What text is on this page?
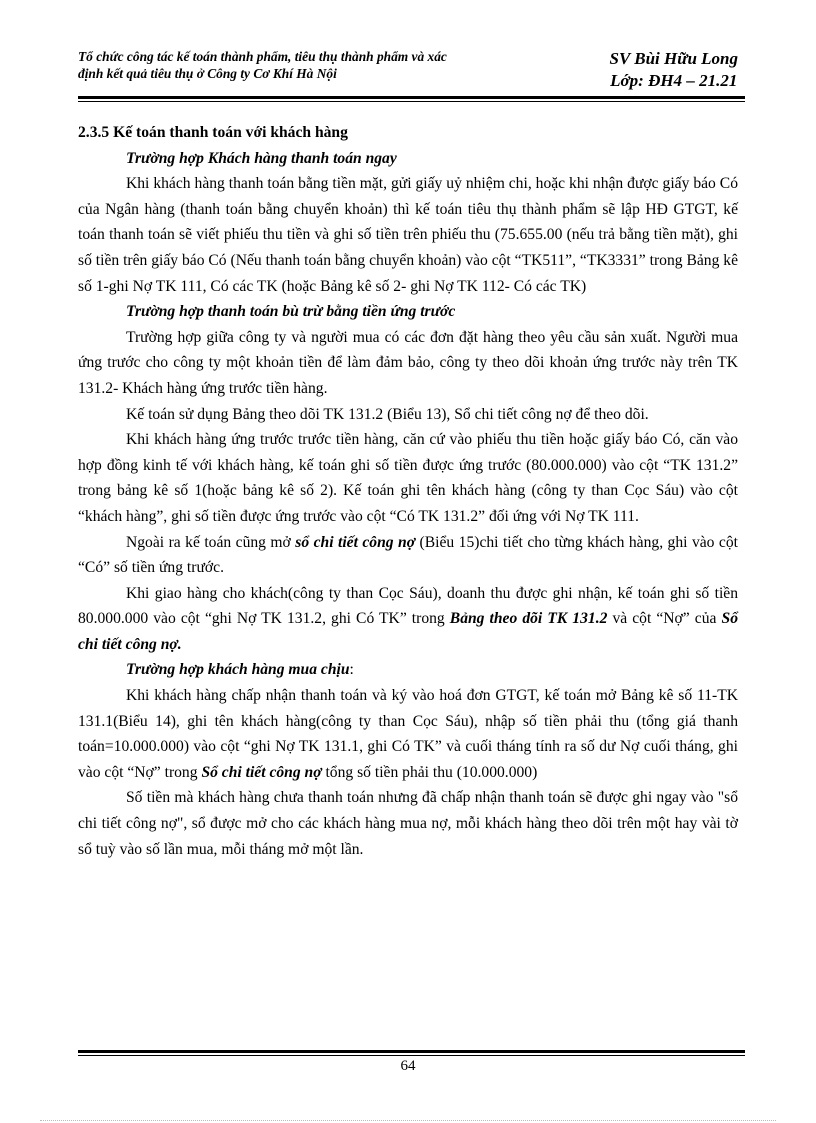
Tổ chức công tác kế toán thành phẩm, tiêu thụ thành phẩm và xác
định kết quả tiêu thụ ở Công ty Cơ Khí Hà Nội
SV Bùi Hữu Long
Lớp: ĐH4 – 21.21

2.3.5 Kế toán thanh toán với khách hàng

Trường hợp Khách hàng thanh toán ngay

Khi khách hàng thanh toán bằng tiền mặt, gửi giấy uỷ nhiệm chi, hoặc khi nhận được giấy báo Có của Ngân hàng (thanh toán bằng chuyển khoản) thì kế toán tiêu thụ thành phẩm sẽ lập HĐ GTGT, kế toán thanh toán sẽ viết phiếu thu tiền và ghi số tiền trên phiếu thu (75.655.00 (nếu trả bằng tiền mặt), ghi số tiền trên giấy báo Có (Nếu thanh toán bằng chuyển khoản) vào cột “TK511”, “TK3331” trong Bảng kê số 1-ghi Nợ TK 111, Có các TK (hoặc Bảng kê số 2- ghi Nợ TK 112- Có các TK)

Trường hợp thanh toán bù trừ bằng tiền ứng trước

Trường hợp giữa công ty và người mua có các đơn đặt hàng theo yêu cầu sản xuất. Người mua ứng trước cho công ty một khoản tiền để làm đảm bảo, công ty theo dõi khoản ứng trước này trên TK 131.2- Khách hàng ứng trước tiền hàng.

Kế toán sử dụng Bảng theo dõi TK 131.2 (Biểu 13), Sổ chi tiết công nợ để theo dõi.

Khi khách hàng ứng trước trước tiền hàng, căn cứ vào phiếu thu tiền hoặc giấy báo Có, căn vào hợp đồng kinh tế với khách hàng, kế toán ghi số tiền được ứng trước (80.000.000) vào cột “TK 131.2” trong bảng kê số 1(hoặc bảng kê số 2). Kế toán ghi tên khách hàng (công ty than Cọc Sáu) vào cột “khách hàng”, ghi số tiền được ứng trước vào cột “Có TK 131.2” đối ứng với Nợ TK 111.

Ngoài ra kế toán cũng mở sổ chi tiết công nợ (Biểu 15)chi tiết cho từng khách hàng, ghi vào cột “Có” số tiền ứng trước.

Khi giao hàng cho khách(công ty than Cọc Sáu), doanh thu được ghi nhận, kế toán ghi số tiền 80.000.000 vào cột “ghi Nợ TK 131.2, ghi Có TK” trong Bảng theo dõi TK 131.2 và cột “Nợ” của Sổ chi tiết công nợ.

Trường hợp khách hàng mua chịu:

Khi khách hàng chấp nhận thanh toán và ký vào hoá đơn GTGT, kế toán mở Bảng kê số 11-TK 131.1(Biểu 14), ghi tên khách hàng(công ty than Cọc Sáu), nhập số tiền phải thu (tổng giá thanh toán=10.000.000) vào cột “ghi Nợ TK 131.1, ghi Có TK” và cuối tháng tính ra số dư Nợ cuối tháng, ghi vào cột “Nợ” trong Sổ chi tiết công nợ tổng số tiền phải thu (10.000.000)

Số tiền mà khách hàng chưa thanh toán nhưng đã chấp nhận thanh toán sẽ được ghi ngay vào "sổ chi tiết công nợ", sổ được mở cho các khách hàng mua nợ, mỗi khách hàng theo dõi trên một hay vài tờ sổ tuỳ vào số lần mua, mỗi tháng mở một lần.

64
